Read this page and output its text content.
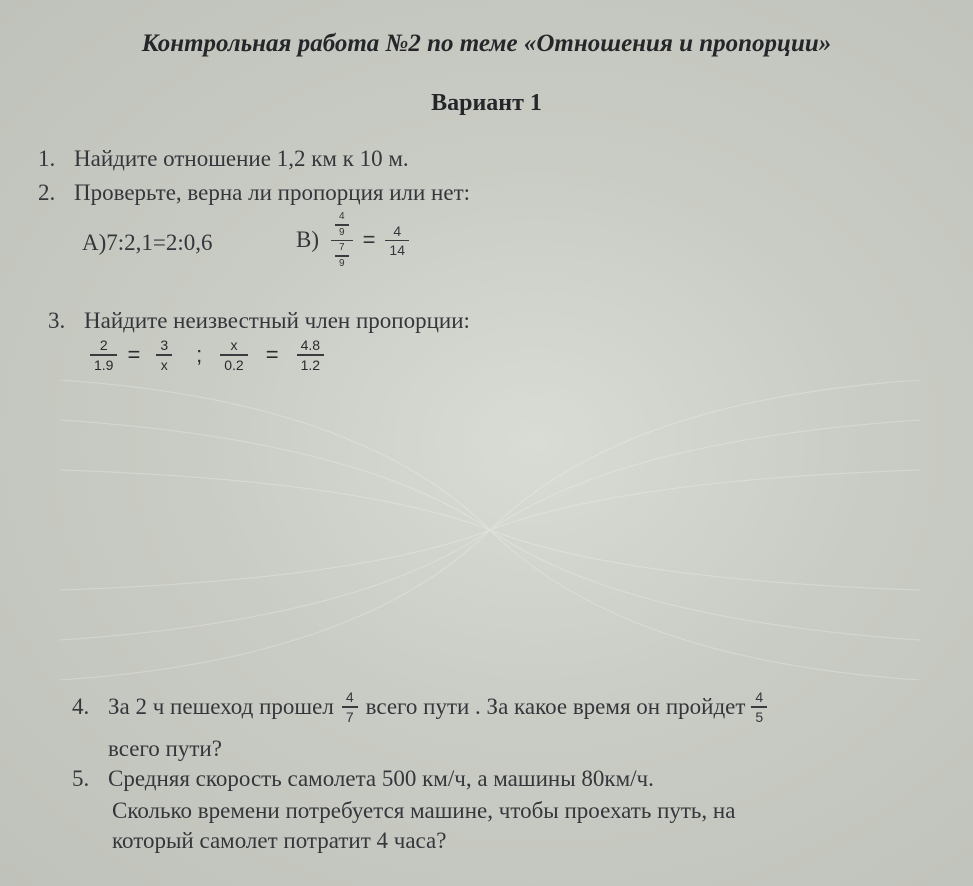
Контрольная работа №2 по теме «Отношения и пропорции»
Вариант 1
1. Найдите отношение 1,2 км к 10 м.
2. Проверьте, верна ли пропорция или нет:
А)7:2,1=2:0,6	$В) \frac{\frac{4}{9}}{\frac{7}{9}} = \frac{4}{14}$
3. Найдите неизвестный член пропорции:
$\frac{2}{1.9} = \frac{3}{x}$ ; $\frac{x}{0.2} = \frac{4.8}{1.2}$
4. За 2 ч пешеход прошел $\frac{4}{7}$ всего пути . За какое время он пройдет $\frac{4}{5}$
всего пути?
5. Средняя скорость самолета 500 км/ч, а машины 80км/ч.
Сколько времени потребуется машине, чтобы проехать путь, на
который самолет потратит 4 часа?
